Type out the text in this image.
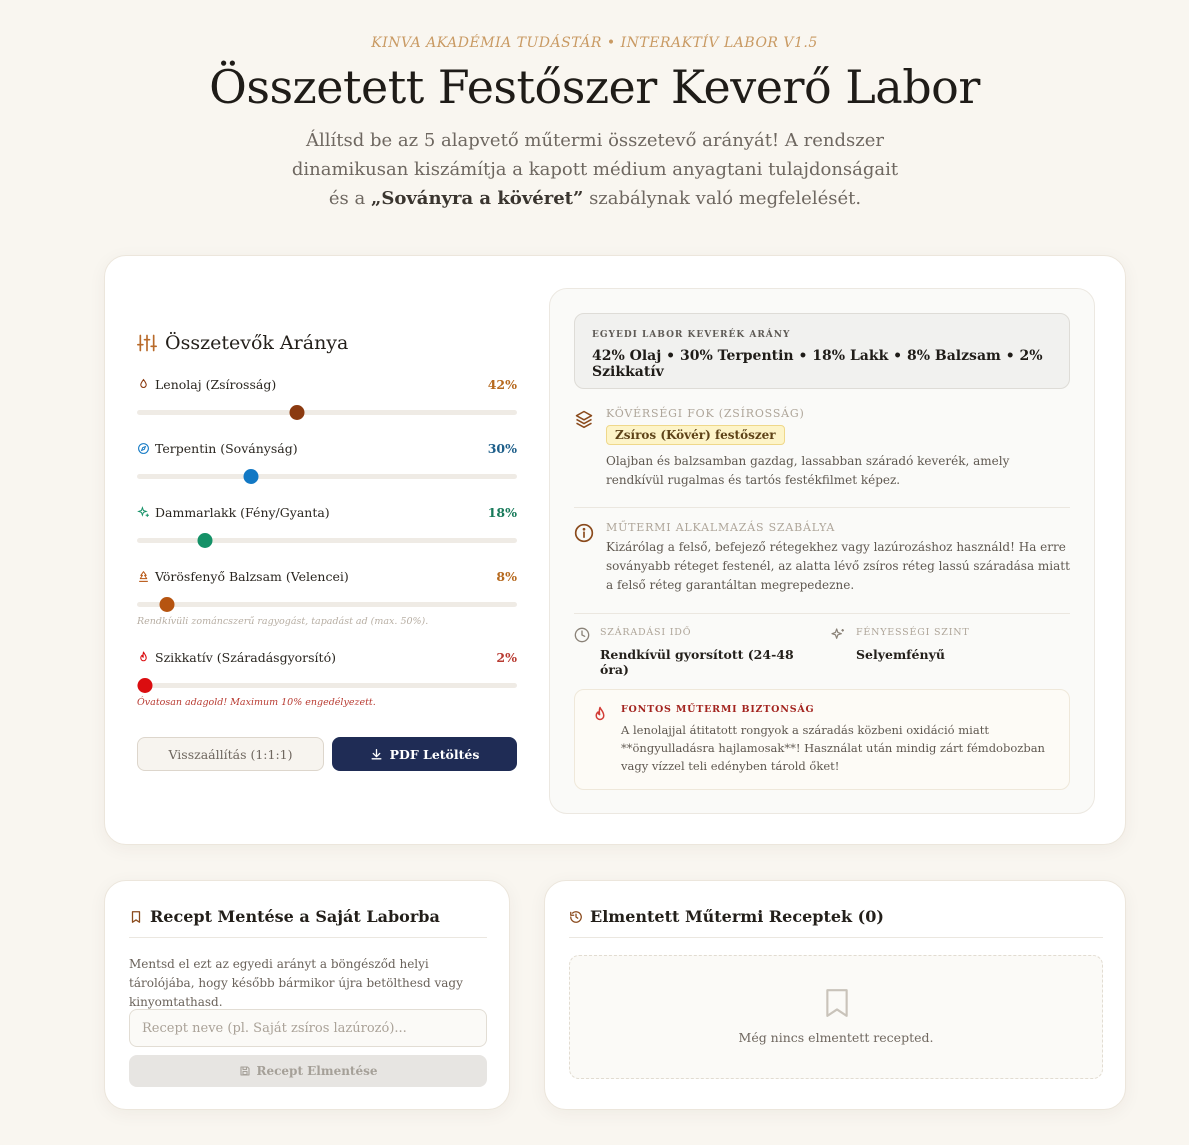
KINVA AKADÉMIA TUDÁSTÁR • INTERAKTÍV LABOR V1.5
Összetett Festőszer Keverő Labor

Állítsd be az 5 alapvető műtermi összetevő arányát! A rendszer dinamikusan kiszámítja a kapott médium anyagtani tulajdonságait és a „Soványra a kövéret” szabálynak való megfelelését.

Összetevők Aránya
Lenolaj (Zsírosság)	42%
Terpentin (Soványság)	30%
Dammarlakk (Fény/Gyanta)	18%
Vörösfenyő Balzsam (Velencei)	8%
Rendkívüli zománcszerű ragyogást, tapadást ad (max. 50%).
Szikkatív (Száradásgyorsító)	2%
Óvatosan adagold! Maximum 10% engedélyezett.
Visszaállítás (1:1:1)	PDF Letöltés
EGYEDI LABOR KEVERÉK ARÁNY
42% Olaj • 30% Terpentin • 18% Lakk • 8% Balzsam • 2% Szikkatív
KÖVÉRSÉGI FOK (ZSÍROSSÁG)
Zsíros (Kövér) festőszer
Olajban és balzsamban gazdag, lassabban száradó keverék, amely rendkívül rugalmas és tartós festékfilmet képez.
MŰTERMI ALKALMAZÁS SZABÁLYA
Kizárólag a felső, befejező rétegekhez vagy lazúrozáshoz használd! Ha erre soványabb réteget festenél, az alatta lévő zsíros réteg lassú száradása miatt a felső réteg garantáltan megrepedezne.
SZÁRADÁSI IDŐ
Rendkívül gyorsított (24-48 óra)
FÉNYESSÉGI SZINT
Selyemfényű
FONTOS MŰTERMI BIZTONSÁG
A lenolajjal átitatott rongyok a száradás közbeni oxidáció miatt **öngyulladásra hajlamosak**! Használat után mindig zárt fémdobozban vagy vízzel teli edényben tárold őket!
Recept Mentése a Saját Laborba
Mentsd el ezt az egyedi arányt a böngésződ helyi tárolójába, hogy később bármikor újra betölthesd vagy kinyomtathasd.
Recept neve (pl. Saját zsíros lazúrozó)...
Recept Elmentése
Elmentett Műtermi Receptek (0)
Még nincs elmentett recepted.
